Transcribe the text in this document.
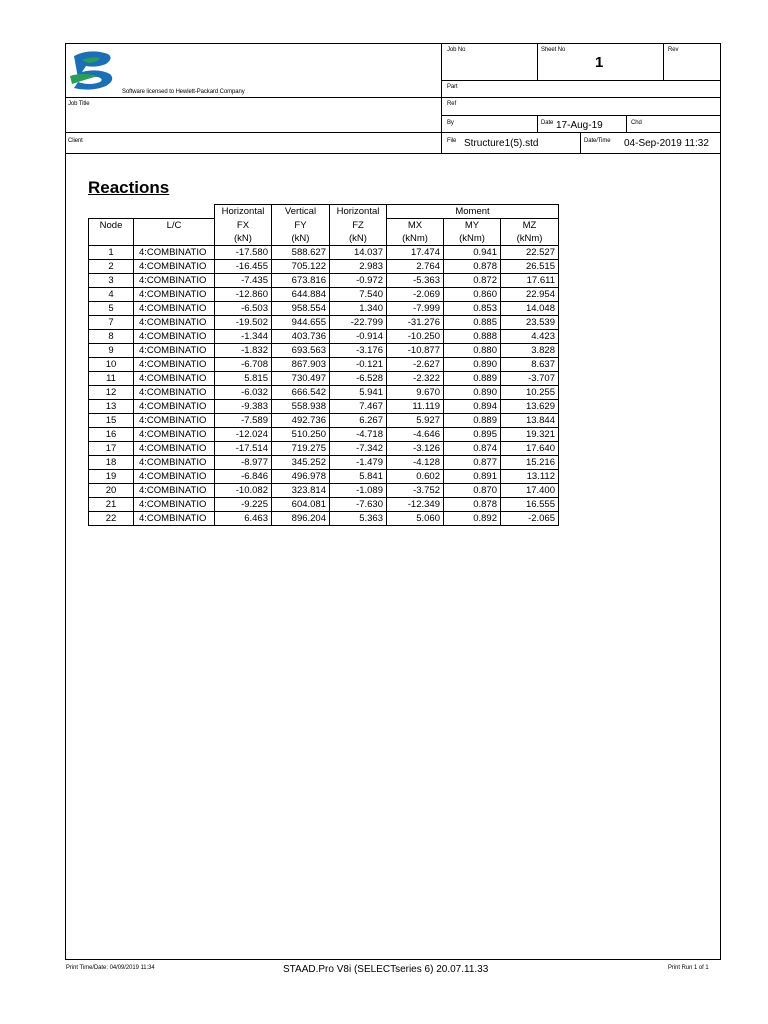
Software licensed to Hewlett-Packard Company
Job No	Sheet No
1
Rev
Part
Job Title	Ref
By	Date 17-Aug-19	Chd
Client	File Structure1(5).std	Date/Time 04-Sep-2019 11:32
Reactions
		Horizontal	Vertical	Horizontal	Moment		
Node	L/C	FX	FY	FZ	MX	MY	MZ
		(kN)	(kN)	(kN)	(kNm)	(kNm)	(kNm)
1	4:COMBINATIO	-17.580	588.627	14.037	17.474	0.941	22.527
2	4:COMBINATIO	-16.455	705.122	2.983	2.764	0.878	26.515
3	4:COMBINATIO	-7.435	673.816	-0.972	-5.363	0.872	17.611
4	4:COMBINATIO	-12.860	644.884	7.540	-2.069	0.860	22.954
5	4:COMBINATIO	-6.503	958.554	1.340	-7.999	0.853	14.048
7	4:COMBINATIO	-19.502	944.655	-22.799	-31.276	0.885	23.539
8	4:COMBINATIO	-1.344	403.736	-0.914	-10.250	0.888	4.423
9	4:COMBINATIO	-1.832	693.563	-3.176	-10.877	0.880	3.828
10	4:COMBINATIO	-6.708	867.903	-0.121	-2.627	0.890	8.637
11	4:COMBINATIO	5.815	730.497	-6.528	-2.322	0.889	-3.707
12	4:COMBINATIO	-6.032	666.542	5.941	9.670	0.890	10.255
13	4:COMBINATIO	-9.383	558.938	7.467	11.119	0.894	13.629
15	4:COMBINATIO	-7.589	492.736	6.267	5.927	0.889	13.844
16	4:COMBINATIO	-12.024	510.250	-4.718	-4.646	0.895	19.321
17	4:COMBINATIO	-17.514	719.275	-7.342	-3.126	0.874	17.640
18	4:COMBINATIO	-8.977	345.252	-1.479	-4.128	0.877	15.216
19	4:COMBINATIO	-6.846	496.978	5.841	0.602	0.891	13.112
20	4:COMBINATIO	-10.082	323.814	-1.089	-3.752	0.870	17.400
21	4:COMBINATIO	-9.225	604.081	-7.630	-12.349	0.878	16.555
22	4:COMBINATIO	6.463	896.204	5.363	5.060	0.892	-2.065
Print Time/Date: 04/09/2019 11:34	STAAD.Pro V8i (SELECTseries 6) 20.07.11.33	Print Run 1 of 1
